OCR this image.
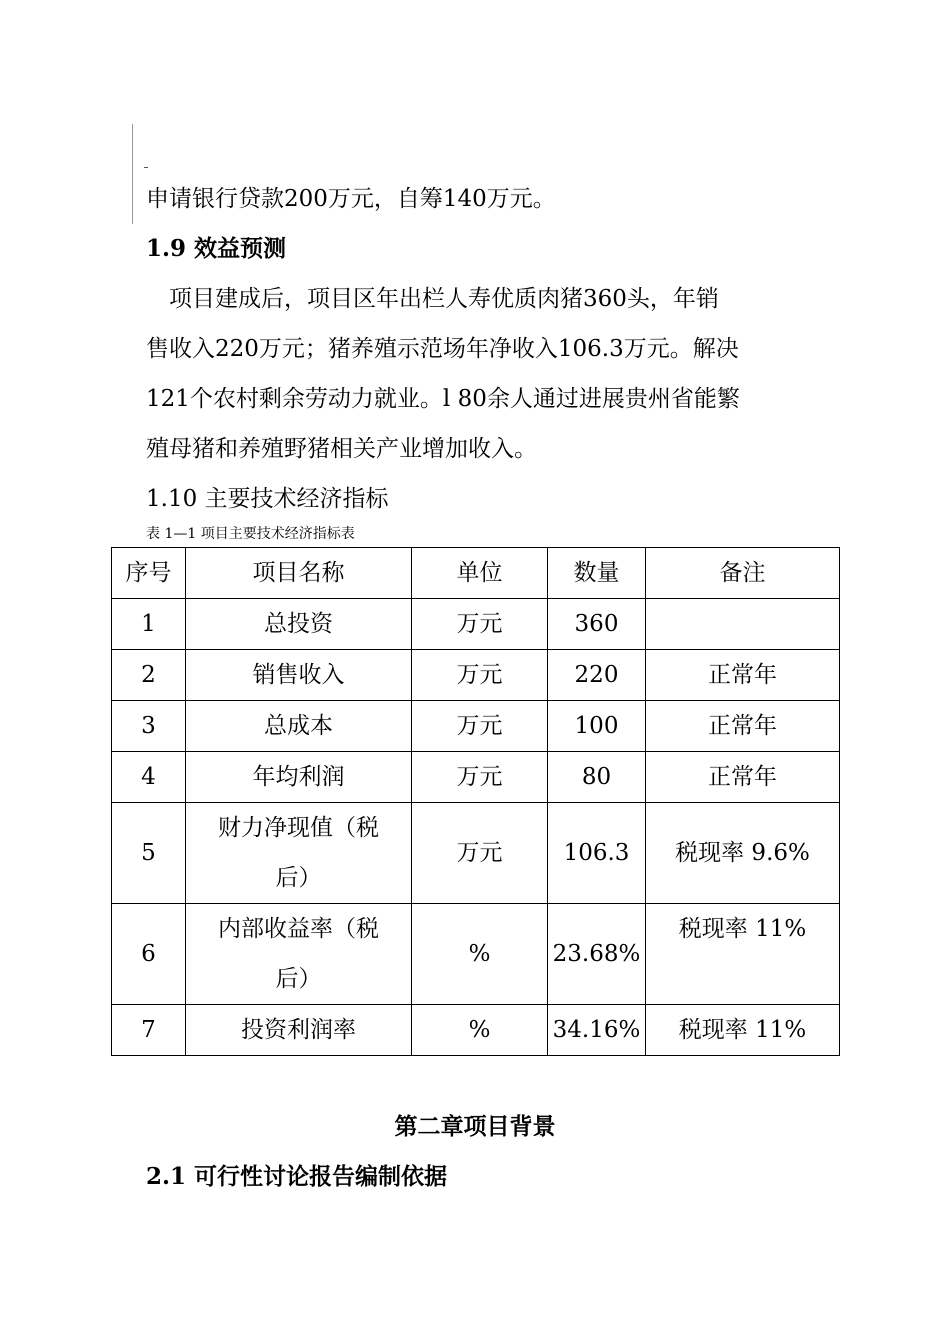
申请银行贷款200万元，自筹140万元。
1.9 效益预测
　项目建成后，项目区年出栏人寿优质肉猪360头，年销
售收入220万元；猪养殖示范场年净收入106.3万元。解决
121个农村剩余劳动力就业。l 80余人通过进展贵州省能繁
殖母猪和养殖野猪相关产业增加收入。
1.10 主要技术经济指标
表 1—1 项目主要技术经济指标表
序号	项目名称	单位	数量	备注
1	总投资	万元	360	
2	销售收入	万元	220	正常年
3	总成本	万元	100	正常年
4	年均利润	万元	80	正常年
5	财力净现值（税
后）	万元	106.3	税现率 9.6%
6	内部收益率（税
后）	%	23.68%	税现率 11%
7	投资利润率	%	34.16%	税现率 11%
第二章项目背景
2.1 可行性讨论报告编制依据
